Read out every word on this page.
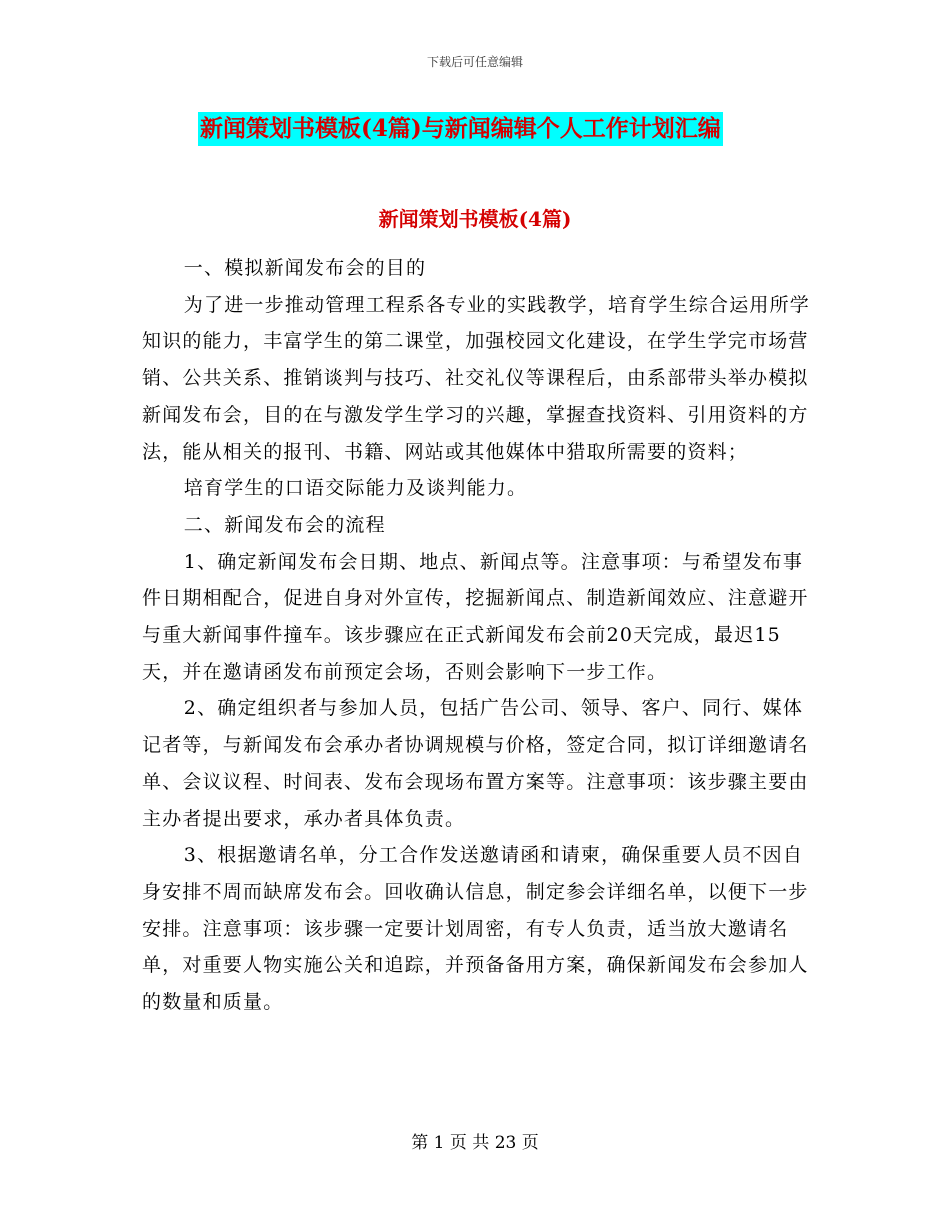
下载后可任意编辑
新闻策划书模板(4篇)与新闻编辑个人工作计划汇编
新闻策划书模板(4篇)

一、模拟新闻发布会的目的

为了进一步推动管理工程系各专业的实践教学，培育学生综合运用所学知识的能力，丰富学生的第二课堂，加强校园文化建设，在学生学完市场营销、公共关系、推销谈判与技巧、社交礼仪等课程后，由系部带头举办模拟新闻发布会，目的在与激发学生学习的兴趣，掌握查找资料、引用资料的方法，能从相关的报刊、书籍、网站或其他媒体中猎取所需要的资料；

培育学生的口语交际能力及谈判能力。

二、新闻发布会的流程

1、确定新闻发布会日期、地点、新闻点等。注意事项：与希望发布事件日期相配合，促进自身对外宣传，挖掘新闻点、制造新闻效应、注意避开与重大新闻事件撞车。该步骤应在正式新闻发布会前20天完成，最迟15天，并在邀请函发布前预定会场，否则会影响下一步工作。

2、确定组织者与参加人员，包括广告公司、领导、客户、同行、媒体记者等，与新闻发布会承办者协调规模与价格，签定合同，拟订详细邀请名单、会议议程、时间表、发布会现场布置方案等。注意事项：该步骤主要由主办者提出要求，承办者具体负责。

3、根据邀请名单，分工合作发送邀请函和请柬，确保重要人员不因自身安排不周而缺席发布会。回收确认信息，制定参会详细名单，以便下一步安排。注意事项：该步骤一定要计划周密，有专人负责，适当放大邀请名单，对重要人物实施公关和追踪，并预备备用方案，确保新闻发布会参加人的数量和质量。

第 1 页 共 23 页
